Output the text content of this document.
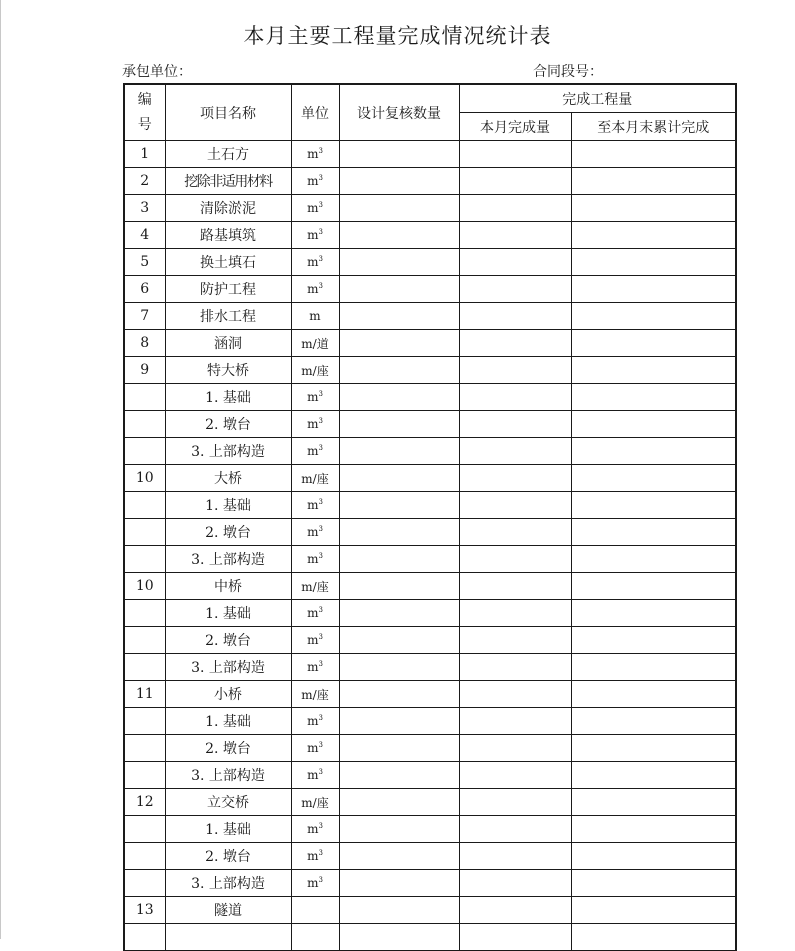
本月主要工程量完成情况统计表
承包单位：	合同段号：
编
号	项目名称	单位	设计复核数量	完成工程量	
				本月完成量	至本月末累计完成
1	土石方	$m^3$			
2	挖除非适用材料	$m^3$			
3	清除淤泥	$m^3$			
4	路基填筑	$m^3$			
5	换土填石	$m^3$			
6	防护工程	$m^3$			
7	排水工程	m			
8	涵洞	m/道			
9	特大桥	m/座			
	1. 基础	$m^3$			
	2. 墩台	$m^3$			
	3. 上部构造	$m^3$			
10	大桥	m/座			
	1. 基础	$m^3$			
	2. 墩台	$m^3$			
	3. 上部构造	$m^3$			
10	中桥	m/座			
	1. 基础	$m^3$			
	2. 墩台	$m^3$			
	3. 上部构造	$m^3$			
11	小桥	m/座			
	1. 基础	$m^3$			
	2. 墩台	$m^3$			
	3. 上部构造	$m^3$			
12	立交桥	m/座			
	1. 基础	$m^3$			
	2. 墩台	$m^3$			
	3. 上部构造	$m^3$			
13	隧道				
